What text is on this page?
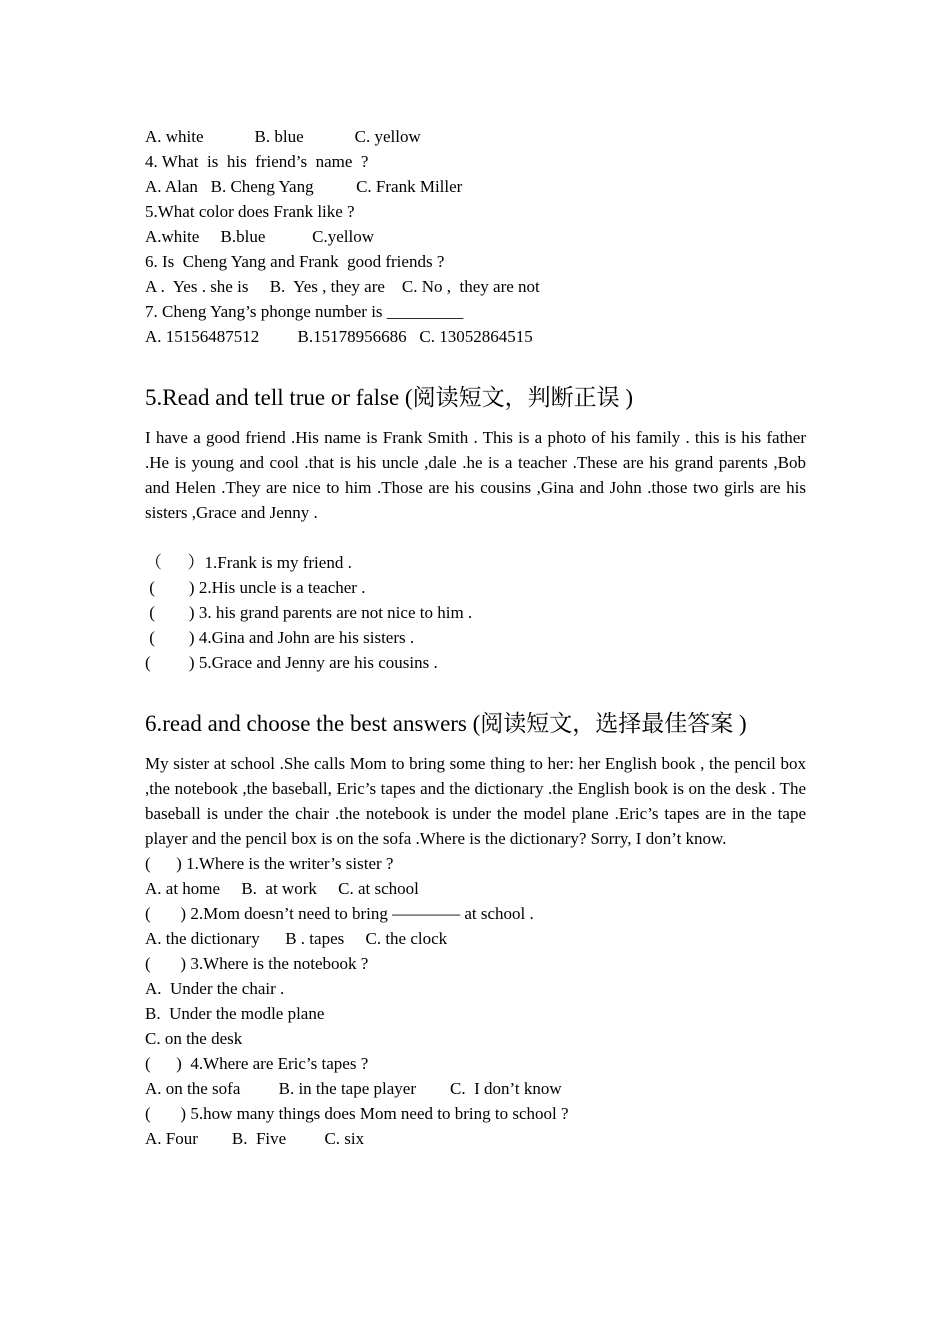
A. white            B. blue            C. yellow
4. What  is  his  friend’s  name  ?
A. Alan   B. Cheng Yang          C. Frank Miller
5.What color does Frank like ?
A.white     B.blue           C.yellow
6. Is  Cheng Yang and Frank  good friends ?
A .  Yes . she is     B.  Yes , they are    C. No ,  they are not
7. Cheng Yang’s phonge number is _________
A. 15156487512         B.15178956686   C. 13052864515
5.Read and tell true or false (阅读短文，判断正误 )
I have a good friend .His name is Frank Smith . This is a photo of his family . this is his father .He is young and cool .that is his uncle ,dale .he is a teacher .These are his grand parents ,Bob and Helen .They are nice to him .Those are his cousins ,Gina and John .those two girls are his sisters ,Grace and Jenny .
（      ）1.Frank is my friend .
(        ) 2.His uncle is a teacher .
(        ) 3. his grand parents are not nice to him .
(        ) 4.Gina and John are his sisters .
(         ) 5.Grace and Jenny are his cousins .
6.read and choose the best answers (阅读短文，选择最佳答案 )
My sister at school .She calls Mom to bring some thing to her: her English book , the pencil box ,the notebook ,the baseball, Eric’s tapes and the dictionary .the English book is on the desk . The baseball is under the chair .the notebook is under the model plane .Eric’s tapes are in the tape player and the pencil box is on the sofa .Where is the dictionary? Sorry, I don’t know.
(      ) 1.Where is the writer’s sister ?
A. at home     B.  at work     C. at school
(       ) 2.Mom doesn’t need to bring ———— at school .
A. the dictionary      B . tapes     C. the clock
(       ) 3.Where is the notebook ?
A.  Under the chair .
B.  Under the modle plane
C. on the desk
(      )  4.Where are Eric’s tapes ?
A. on the sofa         B. in the tape player        C.  I don’t know
(       ) 5.how many things does Mom need to bring to school ?
A. Four        B.  Five         C. six
